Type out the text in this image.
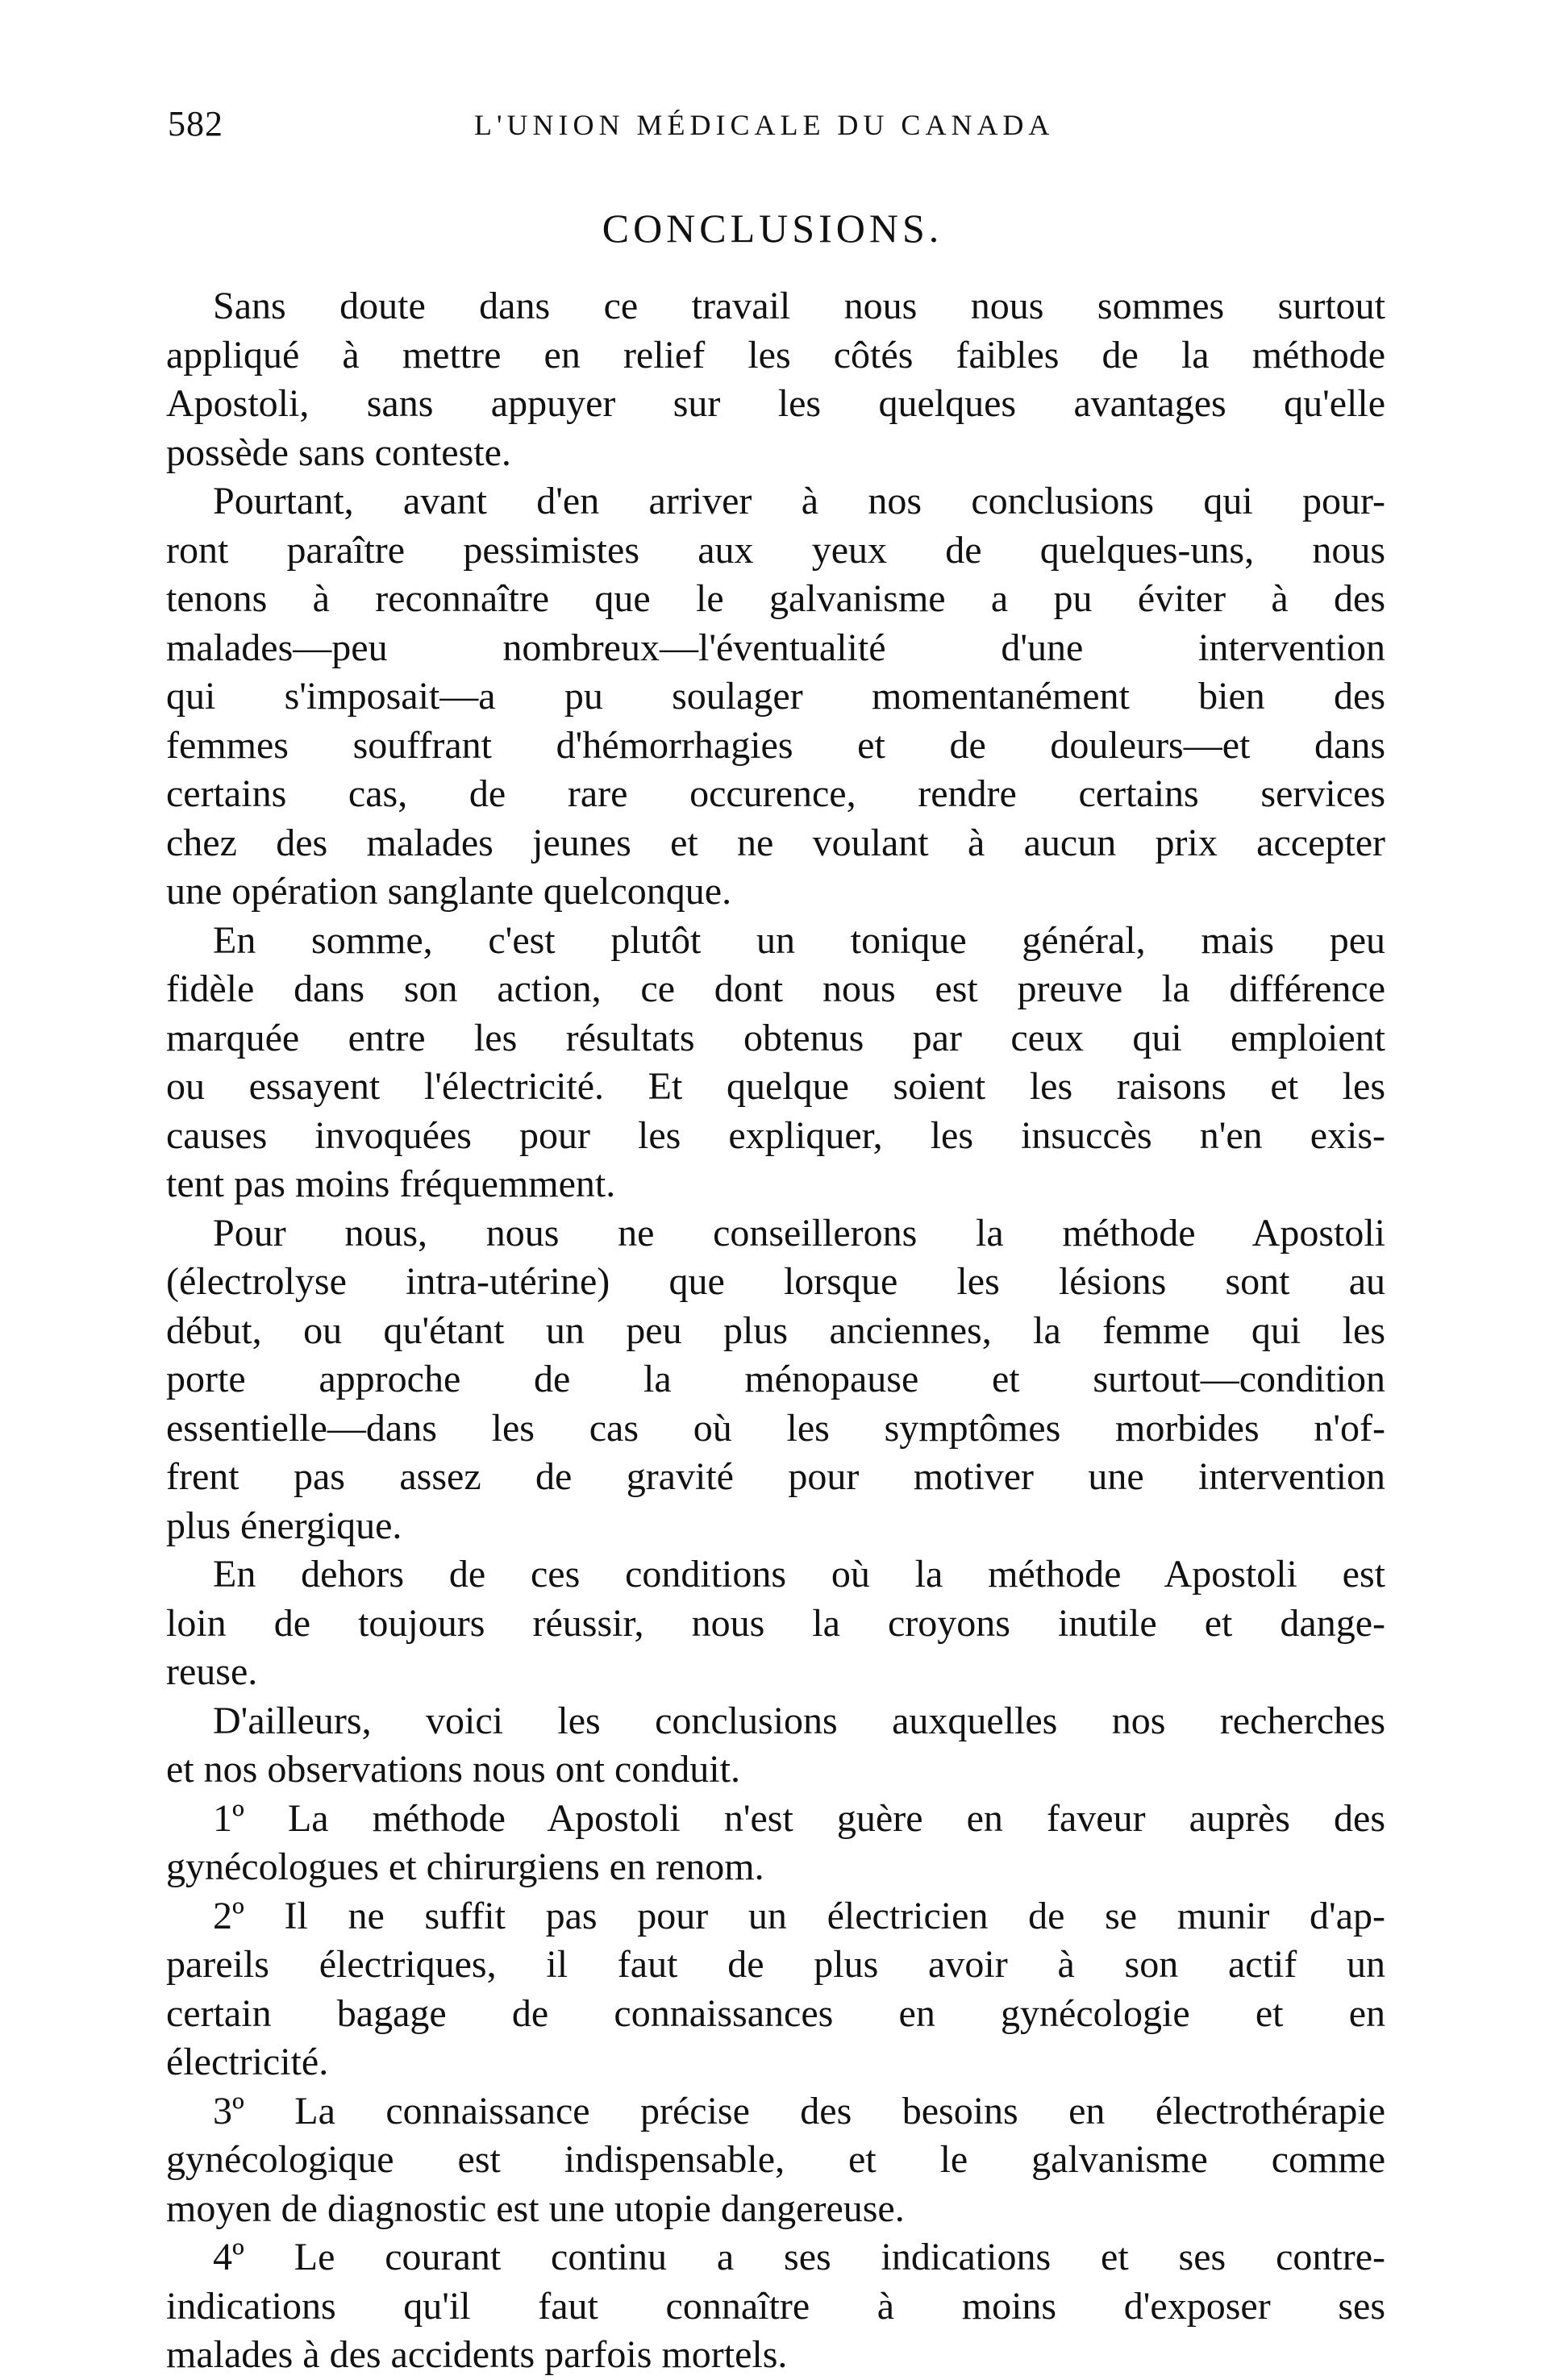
582	L'UNION MÉDICALE DU CANADA
CONCLUSIONS.
Sans doute dans ce travail nous nous sommes surtout
appliqué à mettre en relief les côtés faibles de la méthode
Apostoli, sans appuyer sur les quelques avantages qu'elle
possède sans conteste.
Pourtant, avant d'en arriver à nos conclusions qui pour-
ront paraître pessimistes aux yeux de quelques-uns, nous
tenons à reconnaître que le galvanisme a pu éviter à des
malades—peu nombreux—l'éventualité d'une intervention
qui s'imposait—a pu soulager momentanément bien des
femmes souffrant d'hémorrhagies et de douleurs—et dans
certains cas, de rare occurence, rendre certains services
chez des malades jeunes et ne voulant à aucun prix accepter
une opération sanglante quelconque.
En somme, c'est plutôt un tonique général, mais peu
fidèle dans son action, ce dont nous est preuve la différence
marquée entre les résultats obtenus par ceux qui emploient
ou essayent l'électricité. Et quelque soient les raisons et les
causes invoquées pour les expliquer, les insuccès n'en exis-
tent pas moins fréquemment.
Pour nous, nous ne conseillerons la méthode Apostoli
(électrolyse intra-utérine) que lorsque les lésions sont au
début, ou qu'étant un peu plus anciennes, la femme qui les
porte approche de la ménopause et surtout—condition
essentielle—dans les cas où les symptômes morbides n'of-
frent pas assez de gravité pour motiver une intervention
plus énergique.
En dehors de ces conditions où la méthode Apostoli est
loin de toujours réussir, nous la croyons inutile et dange-
reuse.
D'ailleurs, voici les conclusions auxquelles nos recherches
et nos observations nous ont conduit.
1º La méthode Apostoli n'est guère en faveur auprès des
gynécologues et chirurgiens en renom.
2º Il ne suffit pas pour un électricien de se munir d'ap-
pareils électriques, il faut de plus avoir à son actif un
certain bagage de connaissances en gynécologie et en
électricité.
3º La connaissance précise des besoins en électrothérapie
gynécologique est indispensable, et le galvanisme comme
moyen de diagnostic est une utopie dangereuse.
4º Le courant continu a ses indications et ses contre-
indications qu'il faut connaître à moins d'exposer ses
malades à des accidents parfois mortels.
